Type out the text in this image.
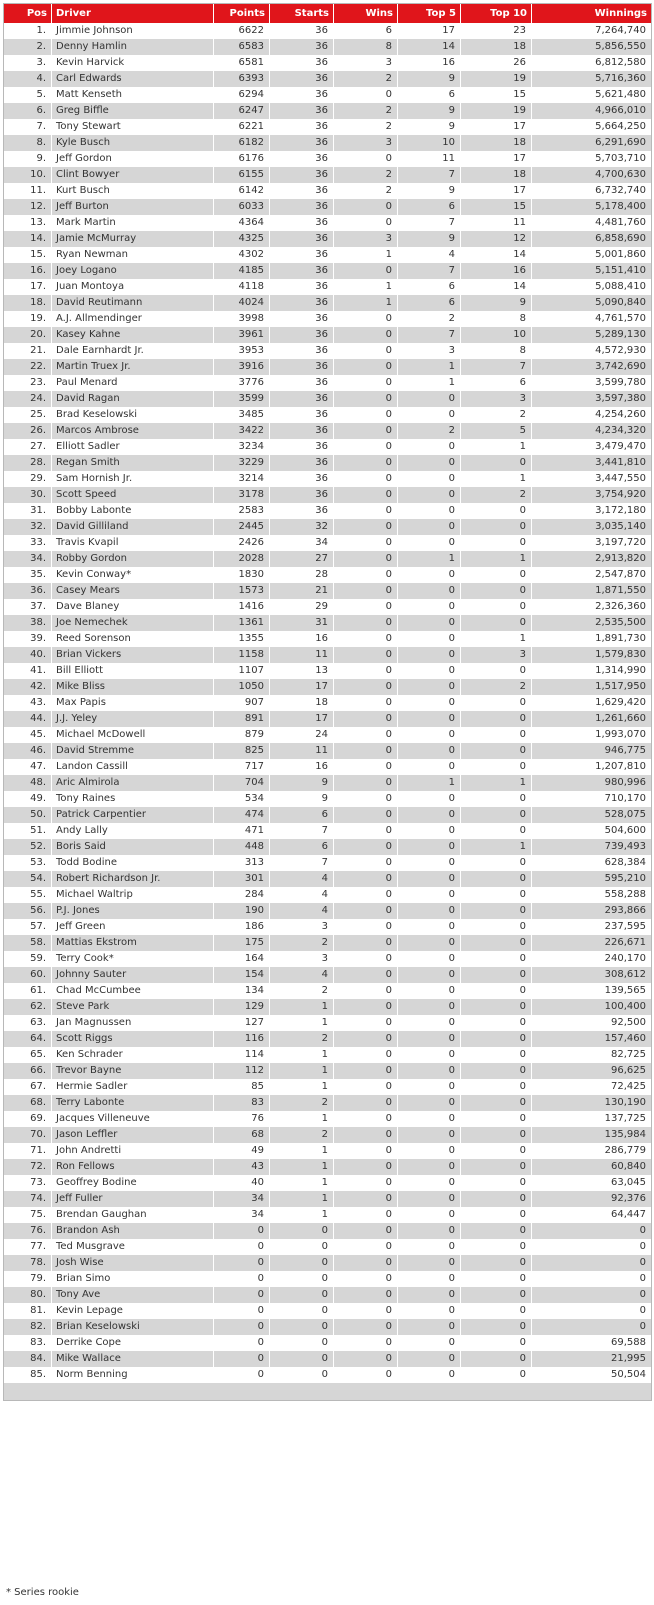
Pos	Driver	Points	Starts	Wins	Top 5	Top 10	Winnings
1.	Jimmie Johnson	6622	36	6	17	23	7,264,740
2.	Denny Hamlin	6583	36	8	14	18	5,856,550
3.	Kevin Harvick	6581	36	3	16	26	6,812,580
4.	Carl Edwards	6393	36	2	9	19	5,716,360
5.	Matt Kenseth	6294	36	0	6	15	5,621,480
6.	Greg Biffle	6247	36	2	9	19	4,966,010
7.	Tony Stewart	6221	36	2	9	17	5,664,250
8.	Kyle Busch	6182	36	3	10	18	6,291,690
9.	Jeff Gordon	6176	36	0	11	17	5,703,710
10.	Clint Bowyer	6155	36	2	7	18	4,700,630
11.	Kurt Busch	6142	36	2	9	17	6,732,740
12.	Jeff Burton	6033	36	0	6	15	5,178,400
13.	Mark Martin	4364	36	0	7	11	4,481,760
14.	Jamie McMurray	4325	36	3	9	12	6,858,690
15.	Ryan Newman	4302	36	1	4	14	5,001,860
16.	Joey Logano	4185	36	0	7	16	5,151,410
17.	Juan Montoya	4118	36	1	6	14	5,088,410
18.	David Reutimann	4024	36	1	6	9	5,090,840
19.	A.J. Allmendinger	3998	36	0	2	8	4,761,570
20.	Kasey Kahne	3961	36	0	7	10	5,289,130
21.	Dale Earnhardt Jr.	3953	36	0	3	8	4,572,930
22.	Martin Truex Jr.	3916	36	0	1	7	3,742,690
23.	Paul Menard	3776	36	0	1	6	3,599,780
24.	David Ragan	3599	36	0	0	3	3,597,380
25.	Brad Keselowski	3485	36	0	0	2	4,254,260
26.	Marcos Ambrose	3422	36	0	2	5	4,234,320
27.	Elliott Sadler	3234	36	0	0	1	3,479,470
28.	Regan Smith	3229	36	0	0	0	3,441,810
29.	Sam Hornish Jr.	3214	36	0	0	1	3,447,550
30.	Scott Speed	3178	36	0	0	2	3,754,920
31.	Bobby Labonte	2583	36	0	0	0	3,172,180
32.	David Gilliland	2445	32	0	0	0	3,035,140
33.	Travis Kvapil	2426	34	0	0	0	3,197,720
34.	Robby Gordon	2028	27	0	1	1	2,913,820
35.	Kevin Conway*	1830	28	0	0	0	2,547,870
36.	Casey Mears	1573	21	0	0	0	1,871,550
37.	Dave Blaney	1416	29	0	0	0	2,326,360
38.	Joe Nemechek	1361	31	0	0	0	2,535,500
39.	Reed Sorenson	1355	16	0	0	1	1,891,730
40.	Brian Vickers	1158	11	0	0	3	1,579,830
41.	Bill Elliott	1107	13	0	0	0	1,314,990
42.	Mike Bliss	1050	17	0	0	2	1,517,950
43.	Max Papis	907	18	0	0	0	1,629,420
44.	J.J. Yeley	891	17	0	0	0	1,261,660
45.	Michael McDowell	879	24	0	0	0	1,993,070
46.	David Stremme	825	11	0	0	0	946,775
47.	Landon Cassill	717	16	0	0	0	1,207,810
48.	Aric Almirola	704	9	0	1	1	980,996
49.	Tony Raines	534	9	0	0	0	710,170
50.	Patrick Carpentier	474	6	0	0	0	528,075
51.	Andy Lally	471	7	0	0	0	504,600
52.	Boris Said	448	6	0	0	1	739,493
53.	Todd Bodine	313	7	0	0	0	628,384
54.	Robert Richardson Jr.	301	4	0	0	0	595,210
55.	Michael Waltrip	284	4	0	0	0	558,288
56.	P.J. Jones	190	4	0	0	0	293,866
57.	Jeff Green	186	3	0	0	0	237,595
58.	Mattias Ekstrom	175	2	0	0	0	226,671
59.	Terry Cook*	164	3	0	0	0	240,170
60.	Johnny Sauter	154	4	0	0	0	308,612
61.	Chad McCumbee	134	2	0	0	0	139,565
62.	Steve Park	129	1	0	0	0	100,400
63.	Jan Magnussen	127	1	0	0	0	92,500
64.	Scott Riggs	116	2	0	0	0	157,460
65.	Ken Schrader	114	1	0	0	0	82,725
66.	Trevor Bayne	112	1	0	0	0	96,625
67.	Hermie Sadler	85	1	0	0	0	72,425
68.	Terry Labonte	83	2	0	0	0	130,190
69.	Jacques Villeneuve	76	1	0	0	0	137,725
70.	Jason Leffler	68	2	0	0	0	135,984
71.	John Andretti	49	1	0	0	0	286,779
72.	Ron Fellows	43	1	0	0	0	60,840
73.	Geoffrey Bodine	40	1	0	0	0	63,045
74.	Jeff Fuller	34	1	0	0	0	92,376
75.	Brendan Gaughan	34	1	0	0	0	64,447
76.	Brandon Ash	0	0	0	0	0	0
77.	Ted Musgrave	0	0	0	0	0	0
78.	Josh Wise	0	0	0	0	0	0
79.	Brian Simo	0	0	0	0	0	0
80.	Tony Ave	0	0	0	0	0	0
81.	Kevin Lepage	0	0	0	0	0	0
82.	Brian Keselowski	0	0	0	0	0	0
83.	Derrike Cope	0	0	0	0	0	69,588
84.	Mike Wallace	0	0	0	0	0	21,995
85.	Norm Benning	0	0	0	0	0	50,504

* Series rookie
